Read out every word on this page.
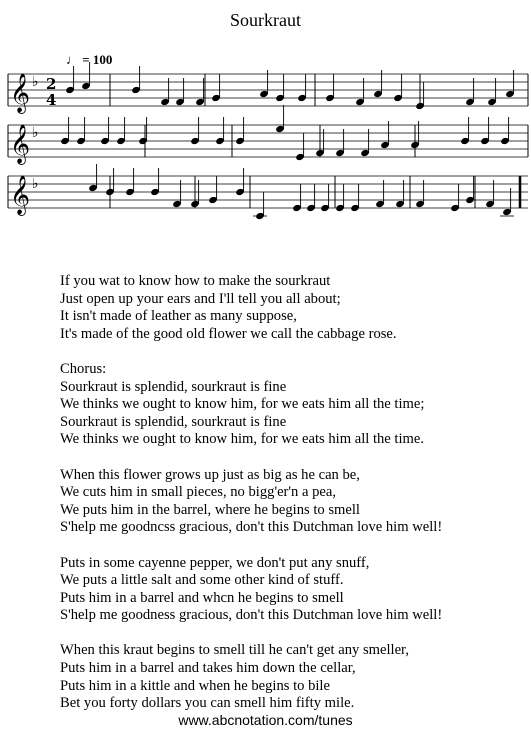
Sourkraut
♩ = 100
𝄞 ♭ 2
4
𝄞 ♭
𝄞 ♭
If you wat to know how to make the sourkraut
Just open up your ears and I'll tell you all about;
It isn't made of leather as many suppose,
It's made of the good old flower we call the cabbage rose.
Chorus:
Sourkraut is splendid, sourkraut is fine
We thinks we ought to know him, for we eats him all the time;
Sourkraut is splendid, sourkraut is fine
We thinks we ought to know him, for we eats him all the time.
When this flower grows up just as big as he can be,
We cuts him in small pieces, no bigg'er'n a pea,
We puts him in the barrel, where he begins to smell
S'help me goodncss gracious, don't this Dutchman love him well!
Puts in some cayenne pepper, we don't put any snuff,
We puts a little salt and some other kind of stuff.
Puts him in a barrel and whcn he begins to smell
S'help me goodness gracious, don't this Dutchman love him well!
When this kraut begins to smell till he can't get any smeller,
Puts him in a barrel and takes him down the cellar,
Puts him in a kittle and when he begins to bile
Bet you forty dollars you can smell him fifty mile.
www.abcnotation.com/tunes
